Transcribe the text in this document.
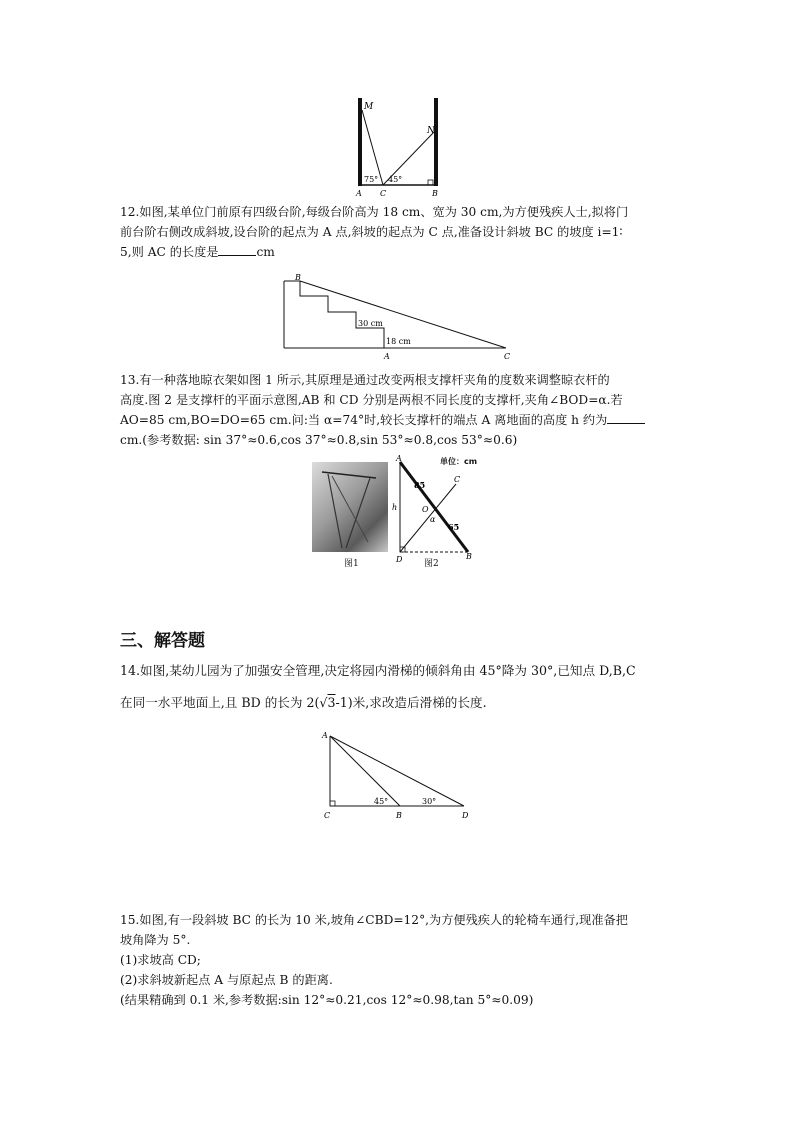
M
N
A C	B
75° 45°
12.如图,某单位门前原有四级台阶,每级台阶高为 18 cm、宽为 30 cm,为方便残疾人士,拟将门
前台阶右侧改成斜坡,设台阶的起点为 A 点,斜坡的起点为 C 点,准备设计斜坡 BC 的坡度 i=1∶
5,则 AC 的长度是	cm
B
30 cm
18 cm
A	C
13.有一种落地晾衣架如图 1 所示,其原理是通过改变两根支撑杆夹角的度数来调整晾衣杆的
高度.图 2 是支撑杆的平面示意图,AB 和 CD 分别是两根不同长度的支撑杆,夹角∠BOD=α.若
AO=85 cm,BO=DO=65 cm.问:当 α=74°时,较长支撑杆的端点 A 离地面的高度 h 约为
cm.(参考数据: sin 37°≈0.6,cos 37°≈0.8,sin 53°≈0.8,cos 53°≈0.6)
图1
A
C
O
α
h
D	B
85
65
单位：cm
图2
三、解答题
14.如图,某幼儿园为了加强安全管理,决定将园内滑梯的倾斜角由 45°降为 30°,已知点 D,B,C
在同一水平地面上,且 BD 的长为 2(√3-1)米,求改造后滑梯的长度.
A
C	B	D
45°	30°
15.如图,有一段斜坡 BC 的长为 10 米,坡角∠CBD=12°,为方便残疾人的轮椅车通行,现准备把
坡角降为 5°.
(1)求坡高 CD;
(2)求斜坡新起点 A 与原起点 B 的距离.
(结果精确到 0.1 米,参考数据:sin 12°≈0.21,cos 12°≈0.98,tan 5°≈0.09)
